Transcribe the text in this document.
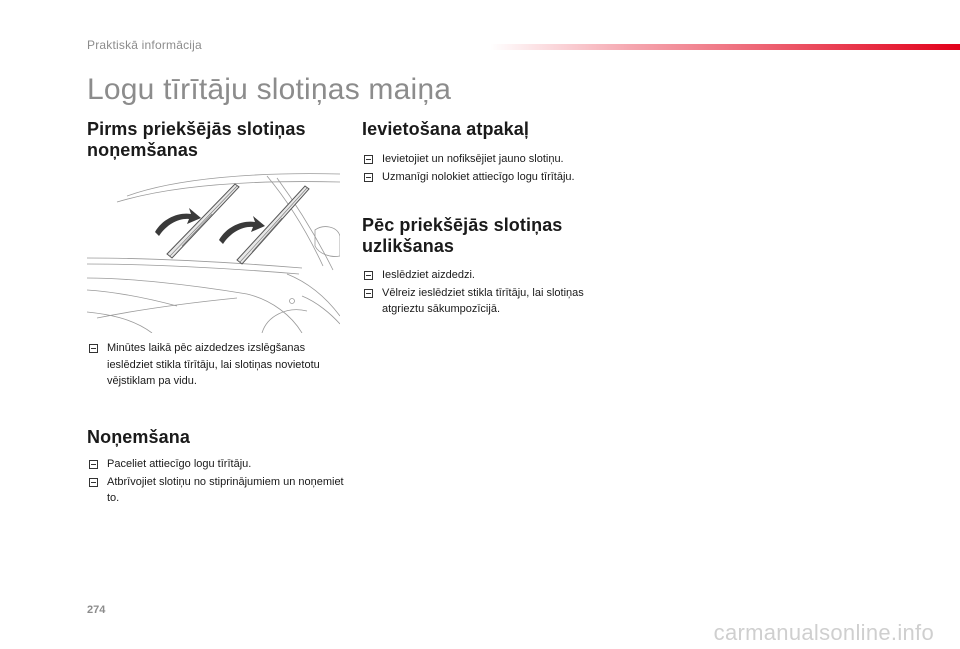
Praktiskā informācija
Logu tīrītāju slotiņas maiņa
Pirms priekšējās slotiņas
noņemšanas
Minūtes laikā pēc aizdedzes izslēgšanas ieslēdziet stikla tīrītāju, lai slotiņas novietotu vējstiklam pa vidu.
Noņemšana
Paceliet attiecīgo logu tīrītāju.
Atbrīvojiet slotiņu no stiprinājumiem un noņemiet to.
Ievietošana atpakaļ
Ievietojiet un nofiksējiet jauno slotiņu.
Uzmanīgi nolokiet attiecīgo logu tīrītāju.
Pēc priekšējās slotiņas
uzlikšanas
Ieslēdziet aizdedzi.
Vēlreiz ieslēdziet stikla tīrītāju, lai slotiņas atgrieztu sākumpozīcijā.
274
carmanualsonline.info
